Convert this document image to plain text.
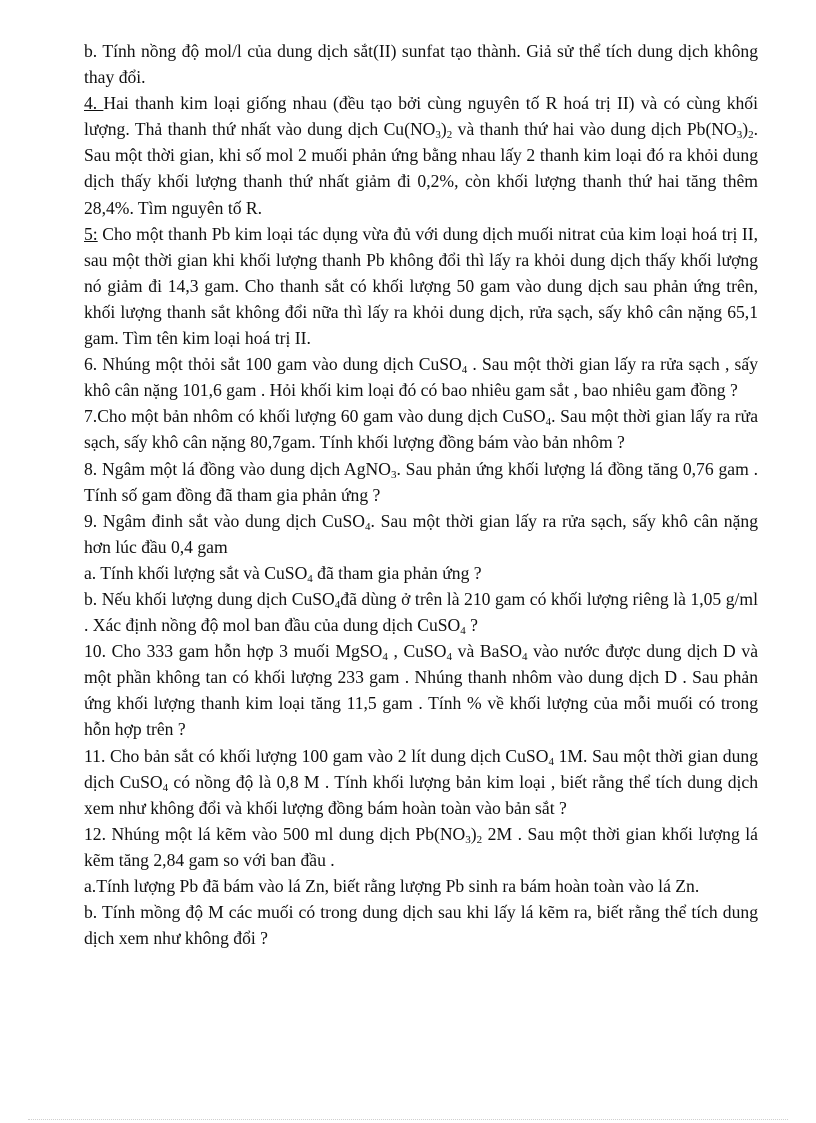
b. Tính nồng độ mol/l của dung dịch sắt(II) sunfat tạo thành. Giả sử thể tích dung dịch không thay đổi.

4. Hai thanh kim loại giống nhau (đều tạo bởi cùng nguyên tố R hoá trị II) và có cùng khối lượng. Thả thanh thứ nhất vào dung dịch $Cu(NO_3)_2$ và thanh thứ hai vào dung dịch $Pb(NO_3)_2$. Sau một thời gian, khi số mol 2 muối phản ứng bằng nhau lấy 2 thanh kim loại đó ra khỏi dung dịch thấy khối lượng thanh thứ nhất giảm đi 0,2%, còn khối lượng thanh thứ hai tăng thêm 28,4%. Tìm nguyên tố R.

5: Cho một thanh Pb kim loại tác dụng vừa đủ với dung dịch muối nitrat của kim loại hoá trị II, sau một thời gian khi khối lượng thanh Pb không đổi thì lấy ra khỏi dung dịch thấy khối lượng nó giảm đi 14,3 gam. Cho thanh sắt có khối lượng 50 gam vào dung dịch sau phản ứng trên, khối lượng thanh sắt không đổi nữa thì lấy ra khỏi dung dịch, rửa sạch, sấy khô cân nặng 65,1 gam. Tìm tên kim loại hoá trị II.

6. Nhúng một thỏi sắt 100 gam vào dung dịch CuSO$_4$ . Sau một thời gian lấy ra rửa sạch , sấy khô cân nặng 101,6 gam . Hỏi khối kim loại đó có bao nhiêu gam sắt , bao nhiêu gam đồng ?

7.Cho một bản nhôm có khối lượng 60 gam vào dung dịch CuSO$_4$. Sau một thời gian lấy ra rửa sạch, sấy khô cân nặng 80,7gam. Tính khối lượng đồng bám vào bản nhôm ?

8. Ngâm một lá đồng vào dung dịch AgNO$_3$. Sau phản ứng khối lượng lá đồng tăng 0,76 gam . Tính số gam đồng đã tham gia phản ứng ?

9. Ngâm đinh sắt vào dung dịch CuSO$_4$. Sau một thời gian lấy ra rửa sạch, sấy khô cân nặng hơn lúc đầu 0,4 gam

a. Tính khối lượng sắt và CuSO$_4$ đã tham gia phản ứng ?

b. Nếu khối lượng dung dịch CuSO$_4$đã dùng ở trên là 210 gam có khối lượng riêng là 1,05 g/ml . Xác định nồng độ mol ban đầu của dung dịch CuSO$_4$ ?

10. Cho 333 gam hỗn hợp 3 muối MgSO$_4$ , CuSO$_4$ và BaSO$_4$ vào nước được dung dịch D và một phần không tan có khối lượng 233 gam . Nhúng thanh nhôm vào dung dịch D . Sau phản ứng khối lượng thanh kim loại tăng 11,5 gam . Tính % về khối lượng của mỗi muối có trong hỗn hợp trên ?

11. Cho bản sắt có khối lượng 100 gam vào 2 lít dung dịch CuSO$_4$ 1M. Sau một thời gian dung dịch CuSO$_4$ có nồng độ là 0,8 M . Tính khối lượng bản kim loại , biết rằng thể tích dung dịch xem như không đổi và khối lượng đồng bám hoàn toàn vào bản sắt ?

12. Nhúng một lá kẽm vào 500 ml dung dịch $Pb(NO_3)_2$ 2M . Sau một thời gian khối lượng lá kẽm tăng 2,84 gam so với ban đầu .

a.Tính lượng Pb đã bám vào lá Zn, biết rằng lượng Pb sinh ra bám hoàn toàn vào lá Zn.

b. Tính mồng độ M các muối có trong dung dịch sau khi lấy lá kẽm ra, biết rằng thể tích dung dịch xem như không đổi ?
